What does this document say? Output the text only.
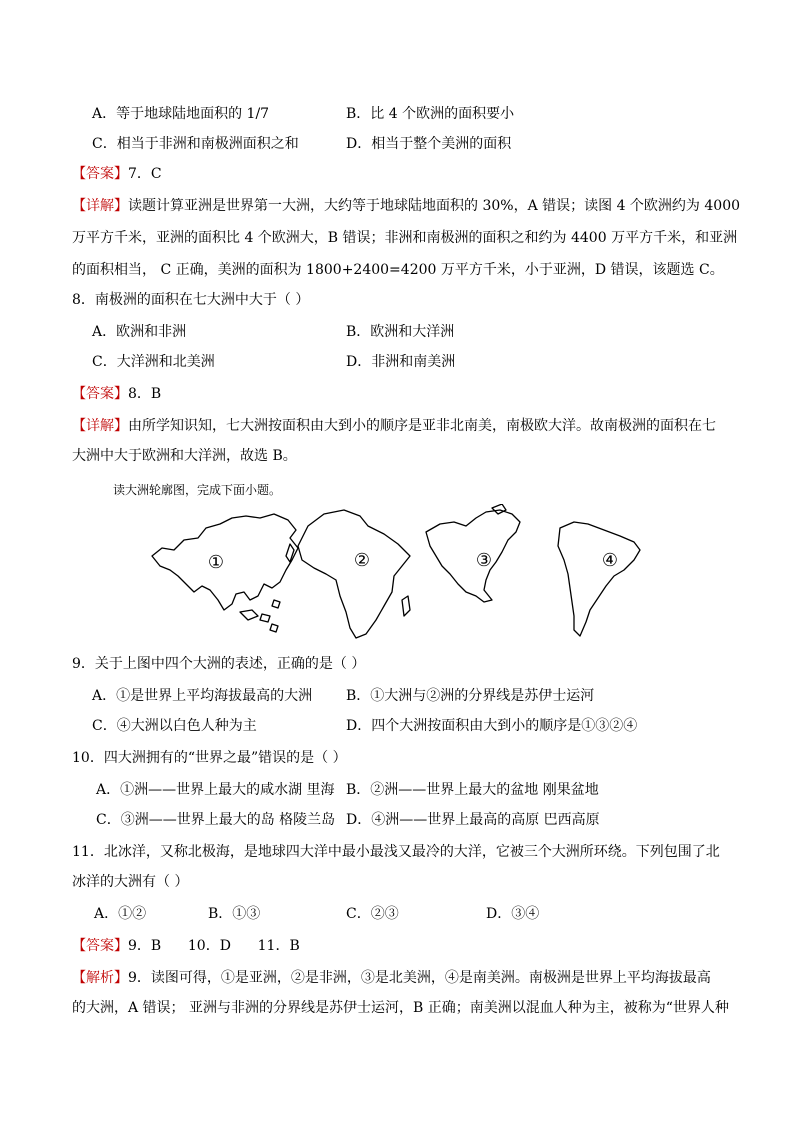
A．等于地球陆地面积的 1/7	B．比 4 个欧洲的面积要小
C．相当于非洲和南极洲面积之和	D．相当于整个美洲的面积
【答案】7．C
【详解】读题计算亚洲是世界第一大洲，大约等于地球陆地面积的 30%，A 错误；读图 4 个欧洲约为 4000
万平方千米，亚洲的面积比 4 个欧洲大，B 错误；非洲和南极洲的面积之和约为 4400 万平方千米，和亚洲
的面积相当， C 正确，美洲的面积为 1800+2400=4200 万平方千米，小于亚洲，D 错误，该题选 C。
8．南极洲的面积在七大洲中大于（ ）
A．欧洲和非洲	B．欧洲和大洋洲
C．大洋洲和北美洲	D．非洲和南美洲
【答案】8．B
【详解】由所学知识知，七大洲按面积由大到小的顺序是亚非北南美，南极欧大洋。故南极洲的面积在七
大洲中大于欧洲和大洋洲，故选 B。
读大洲轮廓图，完成下面小题。
①	②	③	④
9．关于上图中四个大洲的表述，正确的是（ ）
A．①是世界上平均海拔最高的大洲 B．①大洲与②洲的分界线是苏伊士运河
C．④大洲以白色人种为主	D．四个大洲按面积由大到小的顺序是①③②④
10．四大洲拥有的“世界之最”错误的是（ ）
A．①洲——世界上最大的咸水湖 里海 B．②洲——世界上最大的盆地 刚果盆地
C．③洲——世界上最大的岛 格陵兰岛 D．④洲——世界上最高的高原 巴西高原
11．北冰洋，又称北极海，是地球四大洋中最小最浅又最冷的大洋，它被三个大洲所环绕。下列包围了北
冰洋的大洲有（ ）
A．①②	B．①③	C．②③	D．③④
【答案】9．B      10．D      11．B
【解析】9．读图可得，①是亚洲，②是非洲，③是北美洲，④是南美洲。南极洲是世界上平均海拔最高
的大洲，A 错误； 亚洲与非洲的分界线是苏伊士运河，B 正确；南美洲以混血人种为主，被称为“世界人种
